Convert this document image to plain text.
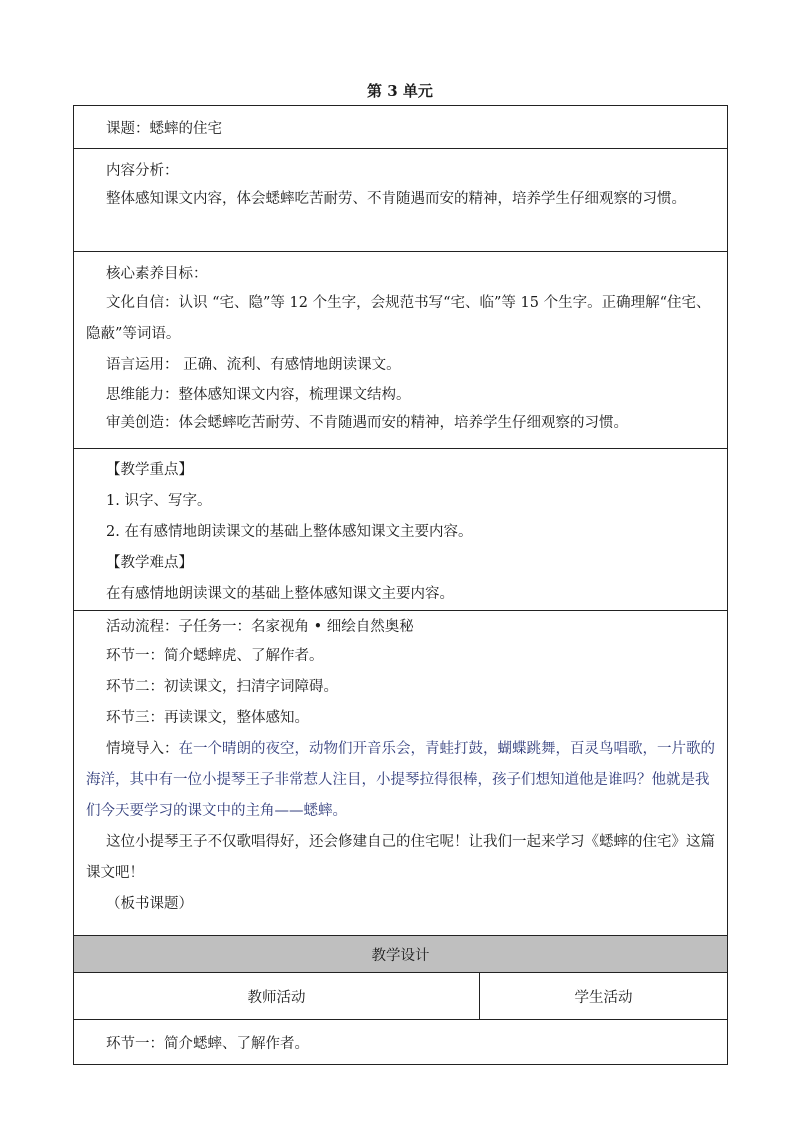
第 3 单元
课题：蟋蟀的住宅

内容分析：

整体感知课文内容，体会蟋蟀吃苦耐劳、不肯随遇而安的精神，培养学生仔细观察的习惯。

核心素养目标：

文化自信：认识 “宅、隐”等 12 个生字，会规范书写“宅、临”等 15 个生字。正确理解“住宅、隐蔽”等词语。

语言运用： 正确、流利、有感情地朗读课文。

思维能力：整体感知课文内容，梳理课文结构。

审美创造：体会蟋蟀吃苦耐劳、不肯随遇而安的精神，培养学生仔细观察的习惯。

【教学重点】

1. 识字、写字。

2. 在有感情地朗读课文的基础上整体感知课文主要内容。

【教学难点】

在有感情地朗读课文的基础上整体感知课文主要内容。

活动流程：子任务一：名家视角 • 细绘自然奥秘

环节一：简介蟋蟀虎、了解作者。

环节二：初读课文，扫清字词障碍。

环节三：再读课文，整体感知。

情境导入：在一个晴朗的夜空，动物们开音乐会，青蛙打鼓，蝴蝶跳舞，百灵鸟唱歌，一片歌的海洋，其中有一位小提琴王子非常惹人注目，小提琴拉得很棒，孩子们想知道他是谁吗？他就是我们今天要学习的课文中的主角——蟋蟀。

这位小提琴王子不仅歌唱得好，还会修建自己的住宅呢！让我们一起来学习《蟋蟀的住宅》这篇课文吧！

（板书课题）

教学设计
教师活动	学生活动
环节一：简介蟋蟀、了解作者。
